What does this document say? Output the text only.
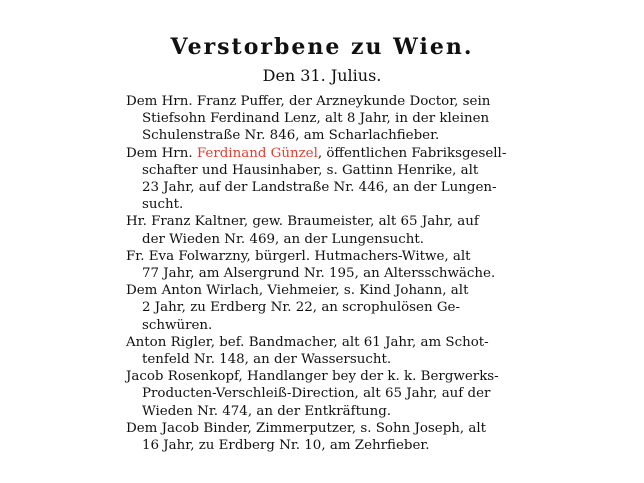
Verstorbene zu Wien.
Den 31. Julius.
Dem Hrn. Franz Puffer, der Arzneykunde Doctor, sein
Stiefsohn Ferdinand Lenz, alt 8 Jahr, in der kleinen
Schulenstraße Nr. 846, am Scharlachfieber.
Dem Hrn. Ferdinand Günzel, öffentlichen Fabriksgesell-
schafter und Hausinhaber, s. Gattinn Henrike, alt
23 Jahr, auf der Landstraße Nr. 446, an der Lungen-
sucht.
Hr. Franz Kaltner, gew. Braumeister, alt 65 Jahr, auf
der Wieden Nr. 469, an der Lungensucht.
Fr. Eva Folwarzny, bürgerl. Hutmachers-Witwe, alt
77 Jahr, am Alsergrund Nr. 195, an Altersschwäche.
Dem Anton Wirlach, Viehmeier, s. Kind Johann, alt
2 Jahr, zu Erdberg Nr. 22, an scrophulösen Ge-
schwüren.
Anton Rigler, bef. Bandmacher, alt 61 Jahr, am Schot-
tenfeld Nr. 148, an der Wassersucht.
Jacob Rosenkopf, Handlanger bey der k. k. Bergwerks-
Producten-Verschleiß-Direction, alt 65 Jahr, auf der
Wieden Nr. 474, an der Entkräftung.
Dem Jacob Binder, Zimmerputzer, s. Sohn Joseph, alt
16 Jahr, zu Erdberg Nr. 10, am Zehrfieber.
